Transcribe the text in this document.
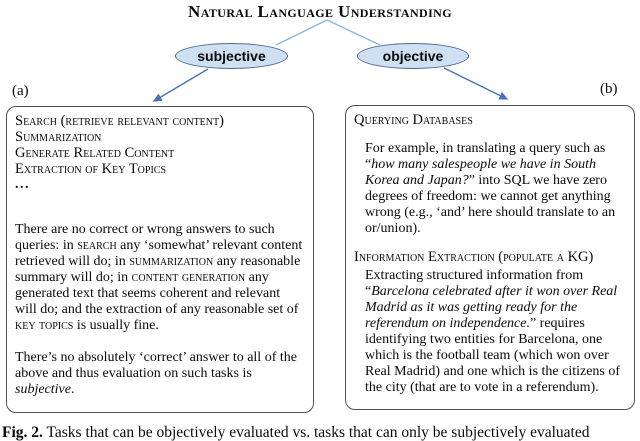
Natural Language Understanding
subjective	objective
(a)	(b)
Search (retrieve relevant content)
Summarization
Generate Related Content
Extraction of Key Topics
...

There are no correct or wrong answers to such queries: in search any ‘somewhat’ relevant content retrieved will do; in summarization any reasonable summary will do; in content generation any generated text that seems coherent and relevant will do; and the extraction of any reasonable set of key topics is usually fine.

There’s no absolutely ‘correct’ answer to all of the above and thus evaluation on such tasks is subjective.

Querying Databases

For example, in translating a query such as “how many salespeople we have in South Korea and Japan?” into SQL we have zero degrees of freedom: we cannot get anything wrong (e.g., ‘and’ here should translate to an or/union).

Information Extraction (populate a KG)

Extracting structured information from “Barcelona celebrated after it won over Real Madrid as it was getting ready for the referendum on independence.” requires identifying two entities for Barcelona, one which is the football team (which won over Real Madrid) and one which is the citizens of the city (that are to vote in a referendum).

Fig. 2. Tasks that can be objectively evaluated vs. tasks that can only be subjectively evaluated
